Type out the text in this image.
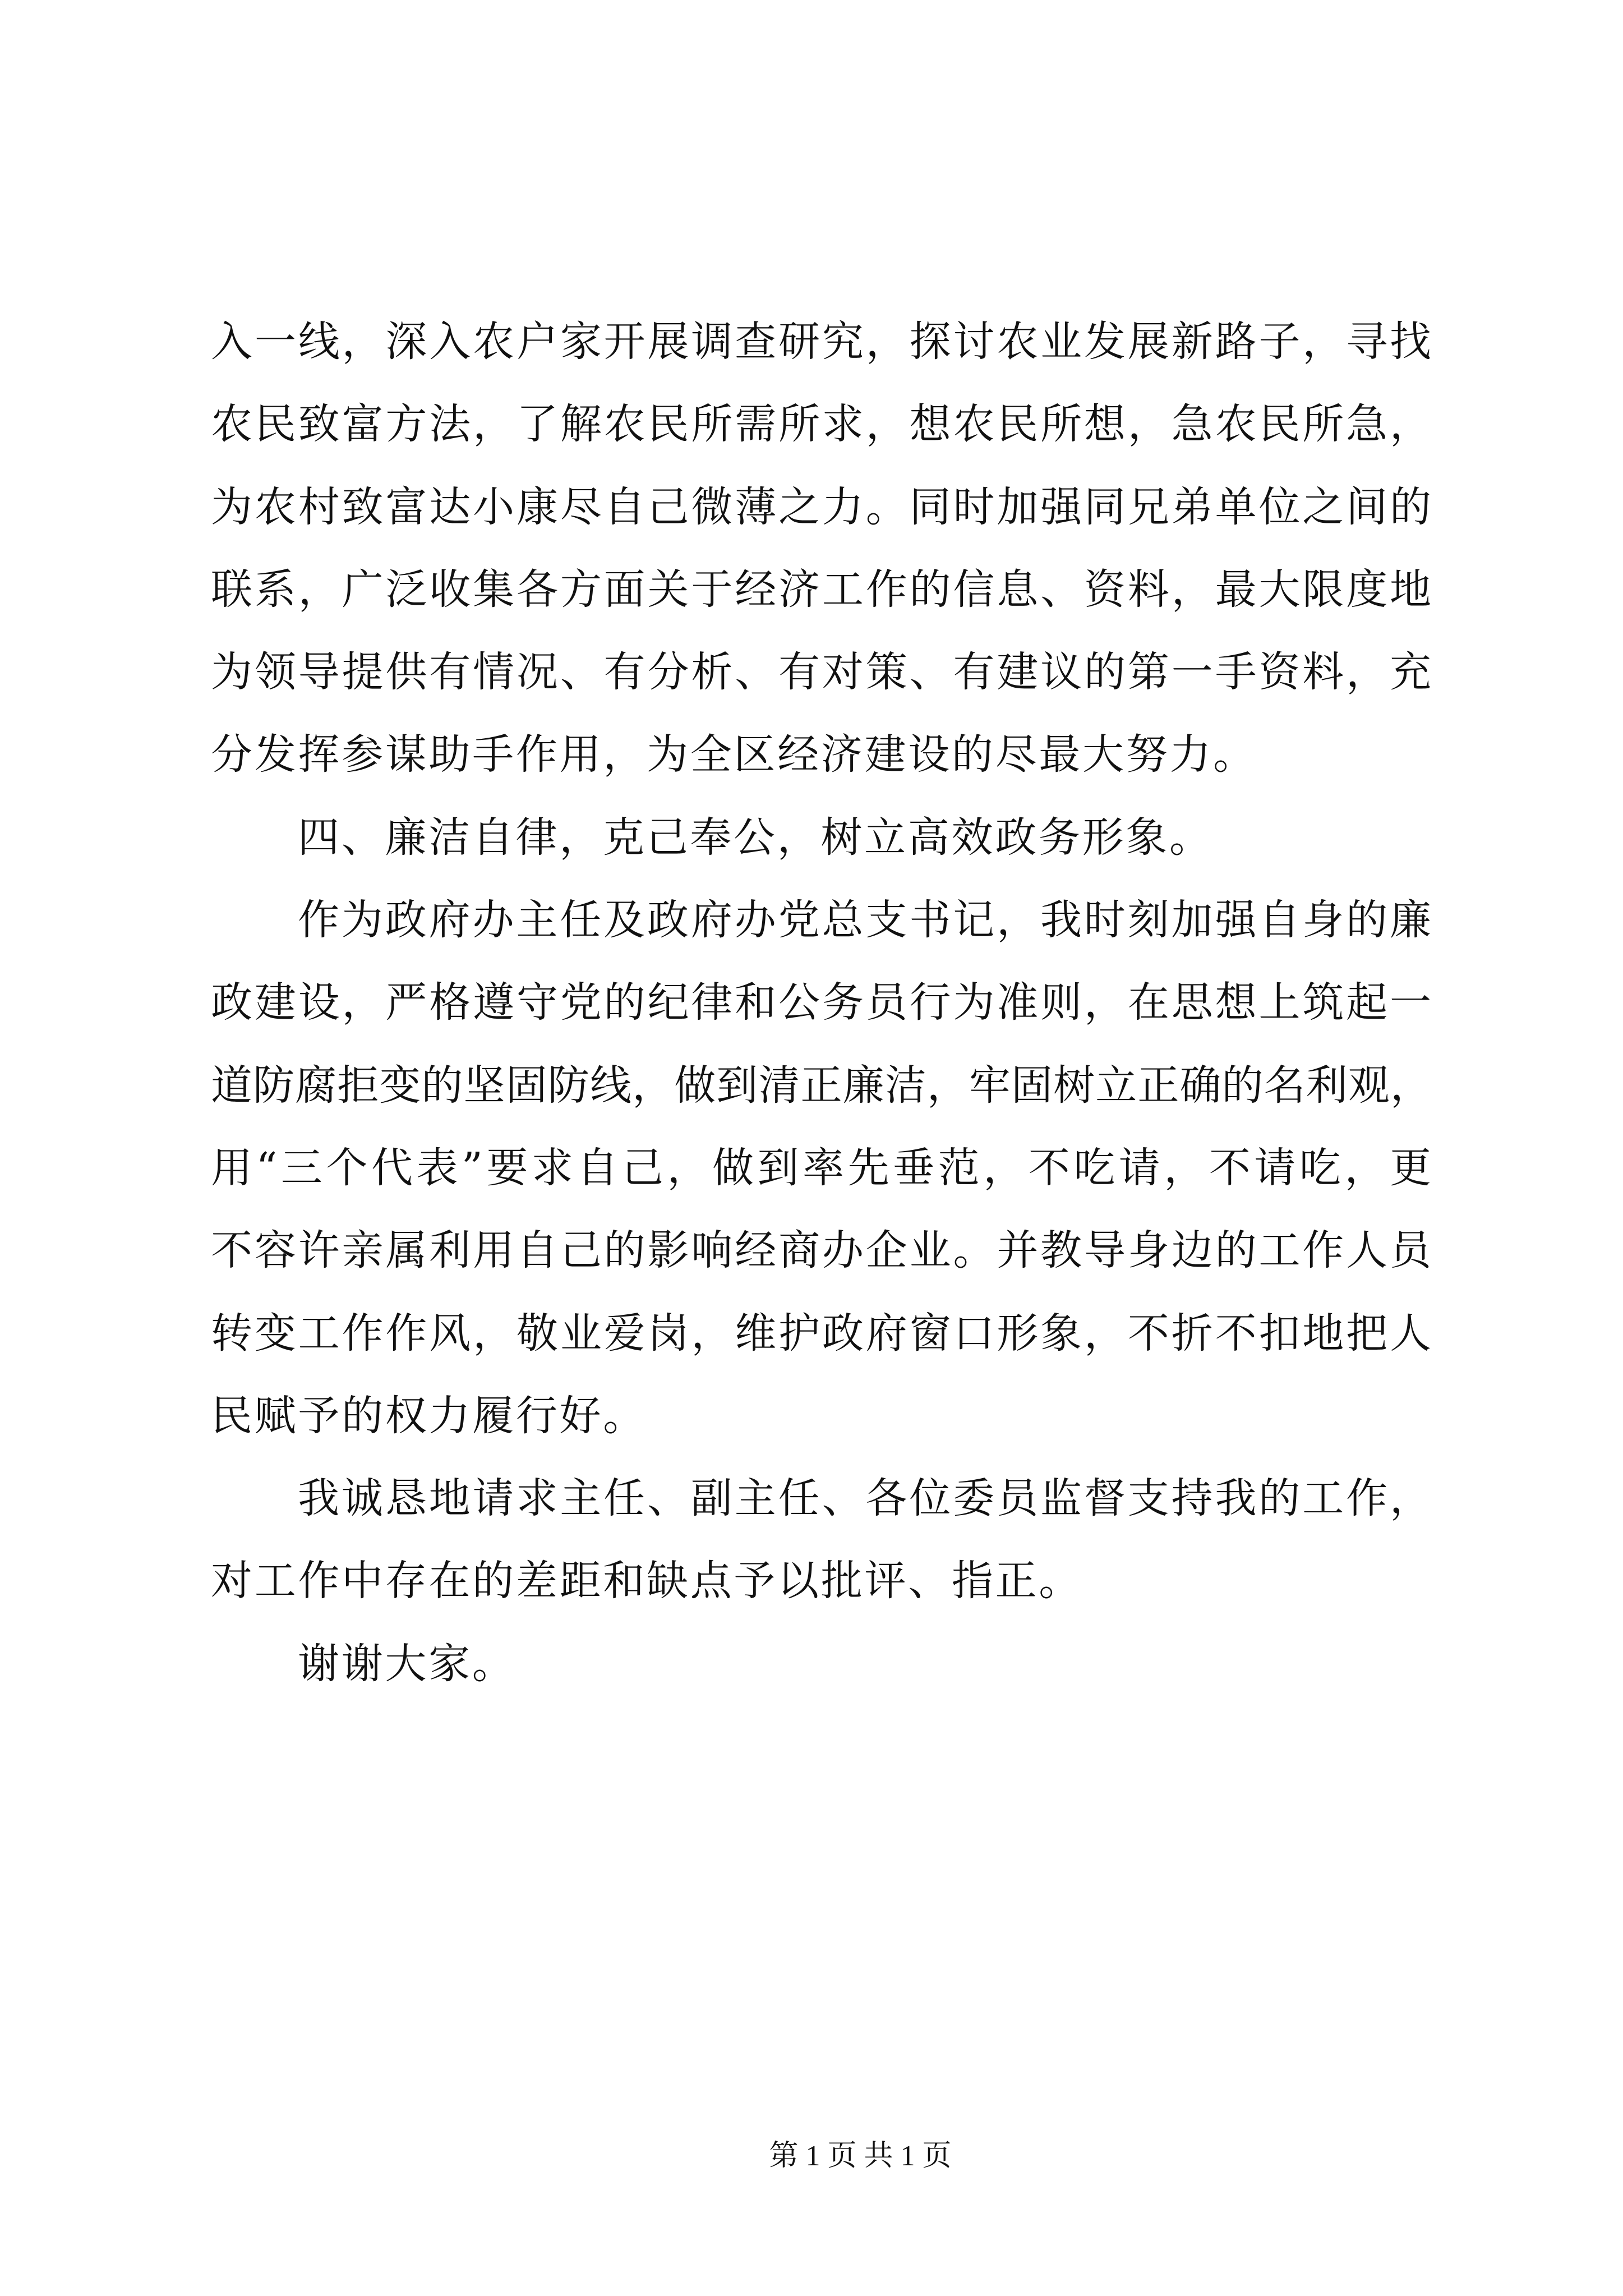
入一线，深入农户家开展调查研究，探讨农业发展新路子，寻找
农民致富方法，了解农民所需所求，想农民所想，急农民所急，
为农村致富达小康尽自己微薄之力。同时加强同兄弟单位之间的
联系，广泛收集各方面关于经济工作的信息、资料，最大限度地
为领导提供有情况、有分析、有对策、有建议的第一手资料，充
分发挥参谋助手作用，为全区经济建设的尽最大努力。
四、廉洁自律，克己奉公，树立高效政务形象。
作为政府办主任及政府办党总支书记，我时刻加强自身的廉
政建设，严格遵守党的纪律和公务员行为准则，在思想上筑起一
道防腐拒变的坚固防线，做到清正廉洁，牢固树立正确的名利观，
用“三个代表”要求自己，做到率先垂范，不吃请，不请吃，更
不容许亲属利用自己的影响经商办企业。并教导身边的工作人员
转变工作作风，敬业爱岗，维护政府窗口形象，不折不扣地把人
民赋予的权力履行好。
我诚恳地请求主任、副主任、各位委员监督支持我的工作，
对工作中存在的差距和缺点予以批评、指正。
谢谢大家。
第 1 页 共 1 页
